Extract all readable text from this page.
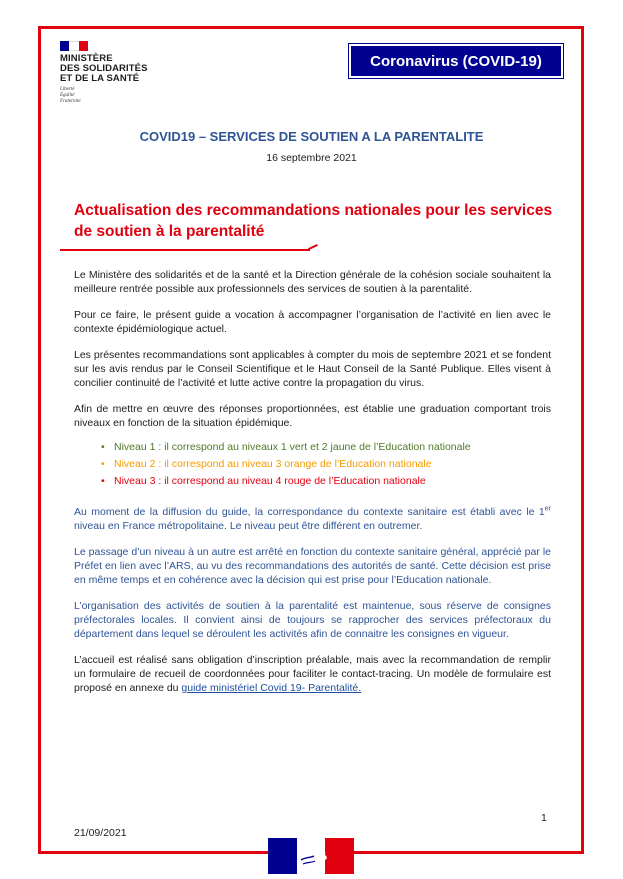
MINISTÈRE
DES SOLIDARITÉS
ET DE LA SANTÉ
Liberté
Égalité
Fraternité
Coronavirus (COVID-19)
COVID19 – SERVICES DE SOUTIEN A LA PARENTALITE
16 septembre 2021
Actualisation des recommandations nationales pour les services de soutien à la parentalité

Le Ministère des solidarités et de la santé et la Direction générale de la cohésion sociale souhaitent la meilleure rentrée possible aux professionnels des services de soutien à la parentalité.

Pour ce faire, le présent guide a vocation à accompagner l’organisation de l’activité en lien avec le contexte épidémiologique actuel.

Les présentes recommandations sont applicables à compter du mois de septembre 2021 et se fondent sur les avis rendus par le Conseil Scientifique et le Haut Conseil de la Santé Publique. Elles visent à concilier continuité de l’activité et lutte active contre la propagation du virus.

Afin de mettre en œuvre des réponses proportionnées, est établie une graduation comportant trois niveaux en fonction de la situation épidémique.

• Niveau 1 : il correspond au niveaux 1 vert et 2 jaune de l’Education nationale
• Niveau 2 : il correspond au niveau 3 orange de l’Education nationale
• Niveau 3 : il correspond au niveau 4 rouge de l’Education nationale

Au moment de la diffusion du guide, la correspondance du contexte sanitaire est établi avec le 1er niveau en France métropolitaine. Le niveau peut être différent en outremer.

Le passage d’un niveau à un autre est arrêté en fonction du contexte sanitaire général, apprécié par le Préfet en lien avec l’ARS, au vu des recommandations des autorités de santé. Cette décision est prise en même temps et en cohérence avec la décision qui est prise pour l’Education nationale.

L’organisation des activités de soutien à la parentalité est maintenue, sous réserve de consignes préfectorales locales. Il convient ainsi de toujours se rapprocher des services préfectoraux du département dans lequel se déroulent les activités afin de connaitre les consignes en vigueur.

L’accueil est réalisé sans obligation d’inscription préalable, mais avec la recommandation de remplir un formulaire de recueil de coordonnées pour faciliter le contact-tracing. Un modèle de formulaire est proposé en annexe du guide ministériel Covid 19- Parentalité.

1
21/09/2021
